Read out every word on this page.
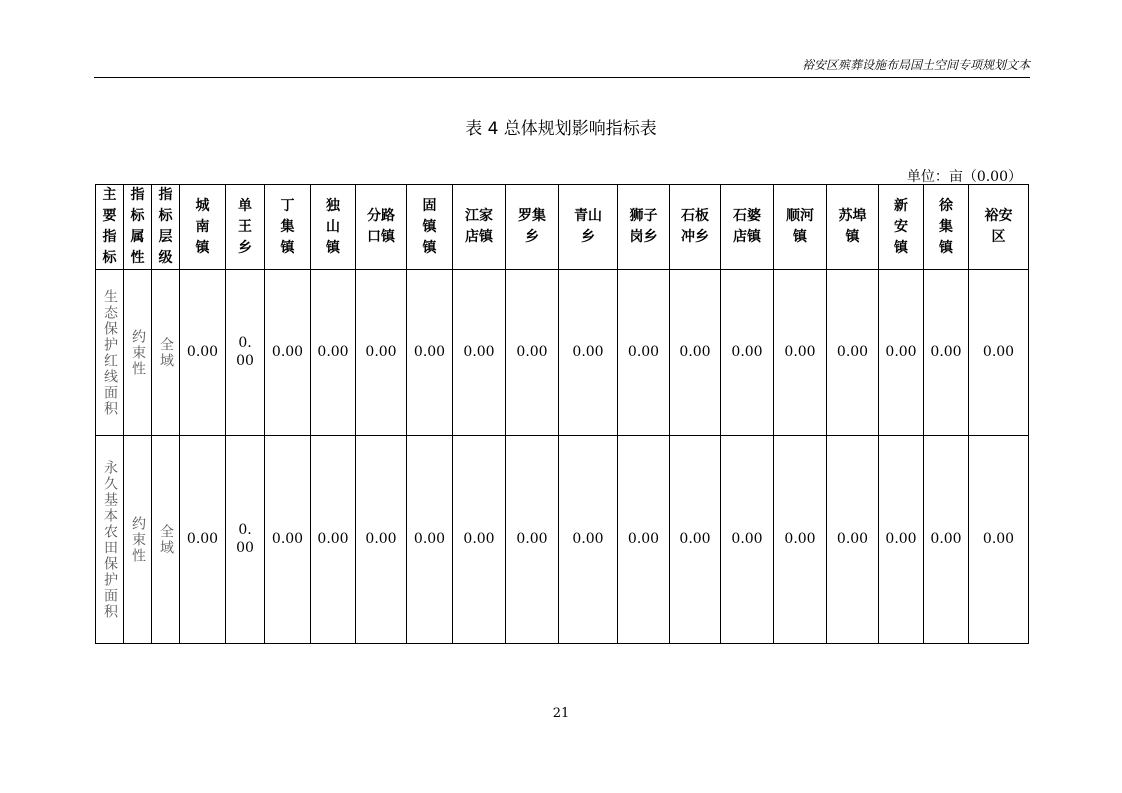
裕安区殡葬设施布局国土空间专项规划文本
表 4 总体规划影响指标表
单位：亩（0.00）
主要指标	指标属性	指标层级	城南镇	单王乡	丁集镇	独山镇	分路口镇	固镇镇	江家店镇	罗集乡	青山乡	狮子岗乡	石板冲乡	石婆店镇	顺河镇	苏埠镇	新安镇	徐集镇	裕安区

生态保护红线面积	约束性	全域	0.00	0.00	0.00	0.00	0.00	0.00	0.00	0.00	0.00	0.00	0.00	0.00	0.00	0.00	0.00	0.00	0.00
永久基本农田保护面积	约束性	全域	0.00	0.00	0.00	0.00	0.00	0.00	0.00	0.00	0.00	0.00	0.00	0.00	0.00	0.00	0.00	0.00	0.00
21
